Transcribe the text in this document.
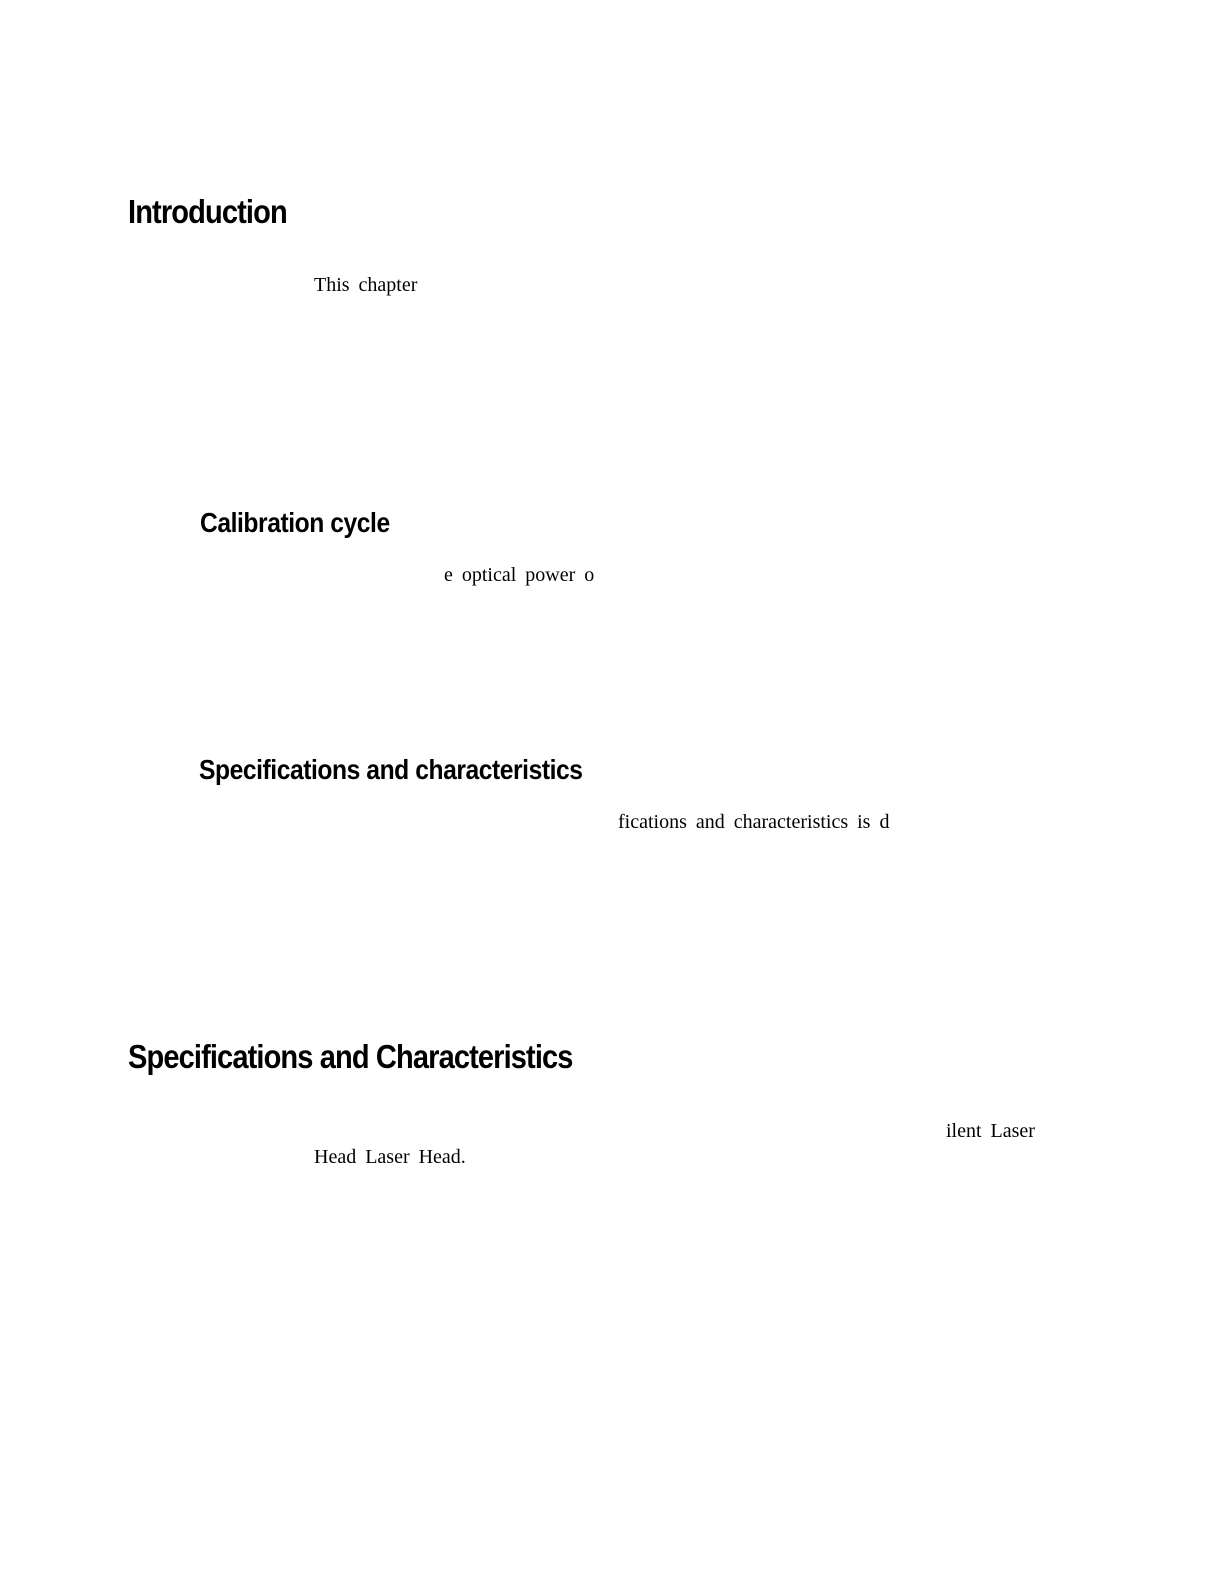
Introduction

This chapter

Calibration cycle

e optical power o

Specifications and characteristics

fications and characteristics is d

Specifications and Characteristics

ilent Laser

Head Laser Head.
